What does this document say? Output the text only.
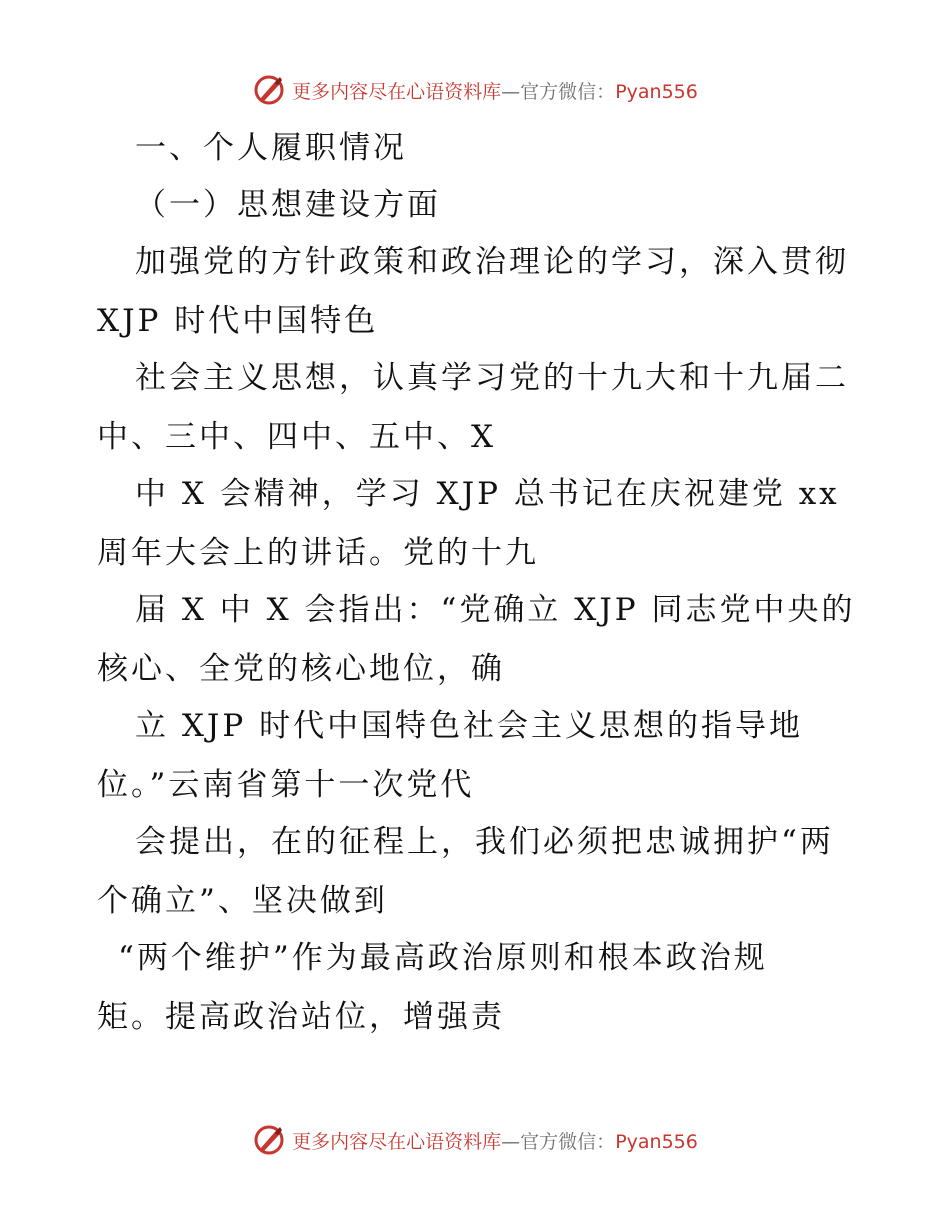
更多内容尽在心语资料库—官方微信：Pyan556
一、个人履职情况
（一）思想建设方面
加强党的方针政策和政治理论的学习，深入贯彻
XJP 时代中国特色
社会主义思想，认真学习党的十九大和十九届二
中、三中、四中、五中、X
中 X 会精神，学习 XJP 总书记在庆祝建党 xx
周年大会上的讲话。党的十九
届 X 中 X 会指出：“党确立 XJP 同志党中央的
核心、全党的核心地位，确
立 XJP 时代中国特色社会主义思想的指导地
位。”云南省第十一次党代
会提出，在的征程上，我们必须把忠诚拥护“两
个确立”、坚决做到
“两个维护”作为最高政治原则和根本政治规
矩。提高政治站位，增强责
更多内容尽在心语资料库—官方微信：Pyan556
